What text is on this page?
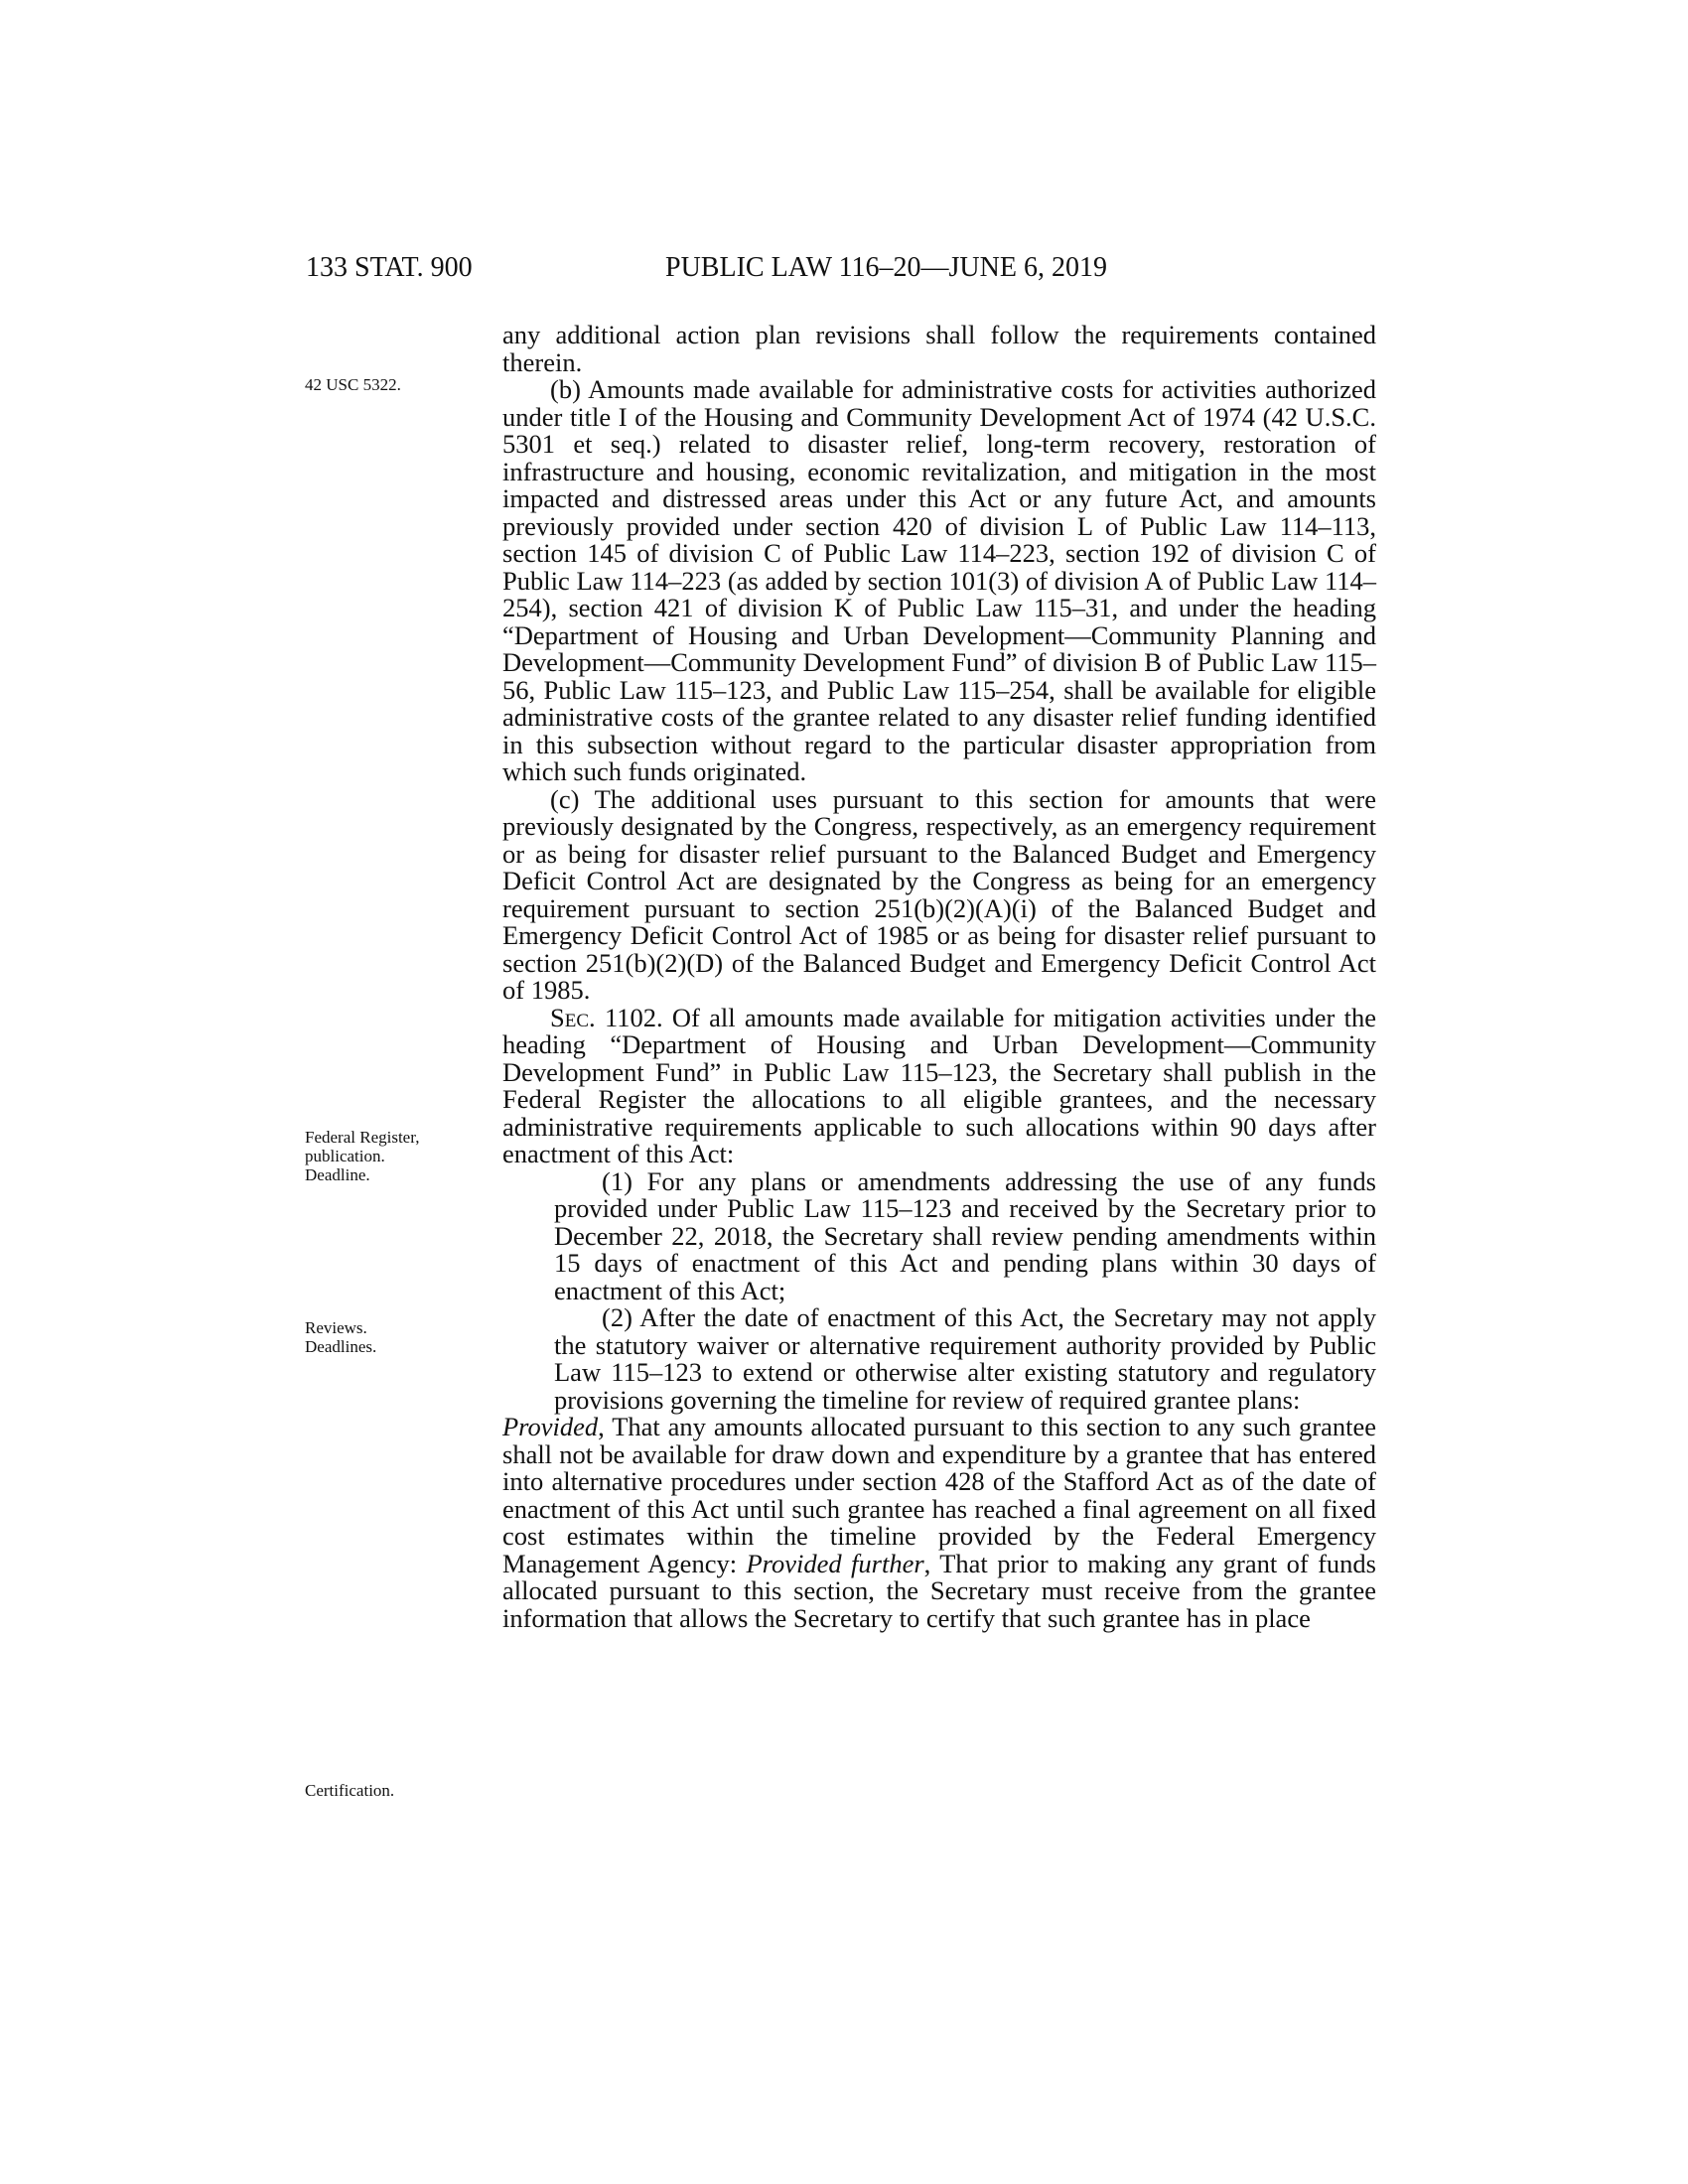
133 STAT. 900	PUBLIC LAW 116–20—JUNE 6, 2019
42 USC 5322.
Federal Register,
publication.
Deadline.
Reviews.
Deadlines.
Certification.

any additional action plan revisions shall follow the requirements contained therein.

(b) Amounts made available for administrative costs for activities authorized under title I of the Housing and Community Development Act of 1974 (42 U.S.C. 5301 et seq.) related to disaster relief, long-term recovery, restoration of infrastructure and housing, economic revitalization, and mitigation in the most impacted and distressed areas under this Act or any future Act, and amounts previously provided under section 420 of division L of Public Law 114–113, section 145 of division C of Public Law 114–223, section 192 of division C of Public Law 114–223 (as added by section 101(3) of division A of Public Law 114–254), section 421 of division K of Public Law 115–31, and under the heading “Department of Housing and Urban Development—Community Planning and Development—Community Development Fund” of division B of Public Law 115–56, Public Law 115–123, and Public Law 115–254, shall be available for eligible administrative costs of the grantee related to any disaster relief funding identified in this subsection without regard to the particular disaster appropriation from which such funds originated.

(c) The additional uses pursuant to this section for amounts that were previously designated by the Congress, respectively, as an emergency requirement or as being for disaster relief pursuant to the Balanced Budget and Emergency Deficit Control Act are designated by the Congress as being for an emergency requirement pursuant to section 251(b)(2)(A)(i) of the Balanced Budget and Emergency Deficit Control Act of 1985 or as being for disaster relief pursuant to section 251(b)(2)(D) of the Balanced Budget and Emergency Deficit Control Act of 1985.

Sec. 1102. Of all amounts made available for mitigation activities under the heading “Department of Housing and Urban Development—Community Development Fund” in Public Law 115–123, the Secretary shall publish in the Federal Register the allocations to all eligible grantees, and the necessary administrative requirements applicable to such allocations within 90 days after enactment of this Act:

(1) For any plans or amendments addressing the use of any funds provided under Public Law 115–123 and received by the Secretary prior to December 22, 2018, the Secretary shall review pending amendments within 15 days of enactment of this Act and pending plans within 30 days of enactment of this Act;

(2) After the date of enactment of this Act, the Secretary may not apply the statutory waiver or alternative requirement authority provided by Public Law 115–123 to extend or otherwise alter existing statutory and regulatory provisions governing the timeline for review of required grantee plans:

Provided, That any amounts allocated pursuant to this section to any such grantee shall not be available for draw down and expenditure by a grantee that has entered into alternative procedures under section 428 of the Stafford Act as of the date of enactment of this Act until such grantee has reached a final agreement on all fixed cost estimates within the timeline provided by the Federal Emergency Management Agency: Provided further, That prior to making any grant of funds allocated pursuant to this section, the Secretary must receive from the grantee information that allows the Secretary to certify that such grantee has in place
